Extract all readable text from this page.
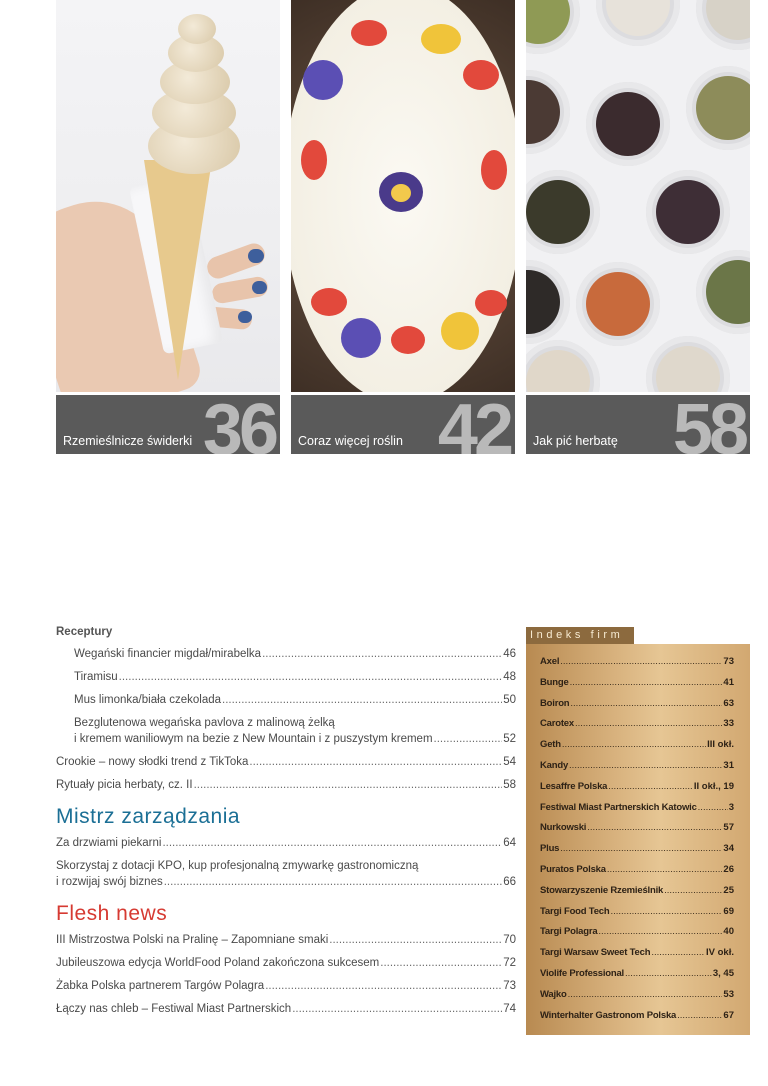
36
Rzemieślnicze świderki	42
Coraz więcej roślin	58
Jak pić herbatę
Receptury
Wegański financier migdał/mirabelka .....	46
Tiramisu .....	48
Mus limonka/biała czekolada .....	50
Bezglutenowa wegańska pavlova z malinową żelką
i kremem waniliowym na bezie z New Mountain i z puszystym kremem .....	52
Crookie – nowy słodki trend z TikToka .....	54
Rytuały picia herbaty, cz. II .....	58
Mistrz zarządzania
Za drzwiami piekarni .....	64
Skorzystaj z dotacji KPO, kup profesjonalną zmywarkę gastronomiczną
i rozwijaj swój biznes .....	66
Flesh news
III Mistrzostwa Polski na Pralinę – Zapomniane smaki .....	70
Jubileuszowa edycja WorldFood Poland zakończona sukcesem .....	72
Żabka Polska partnerem Targów Polagra .....	73
Łączy nas chleb – Festiwal Miast Partnerskich .....	74
Indeks firm
Axel .....	73
Bunge .....	41
Boiron .....	63
Carotex .....	33
Geth .....	III okł.
Kandy .....	31
Lesaffre Polska .....	II okł., 19
Festiwal Miast Partnerskich Katowic .....	3
Nurkowski .....	57
Plus .....	34
Puratos Polska .....	26
Stowarzyszenie Rzemieślnik .....	25
Targi Food Tech .....	69
Targi Polagra .....	40
Targi Warsaw Sweet Tech .....	IV okł.
Violife Professional .....	3, 45
Wajko .....	53
Winterhalter Gastronom Polska .....	67
